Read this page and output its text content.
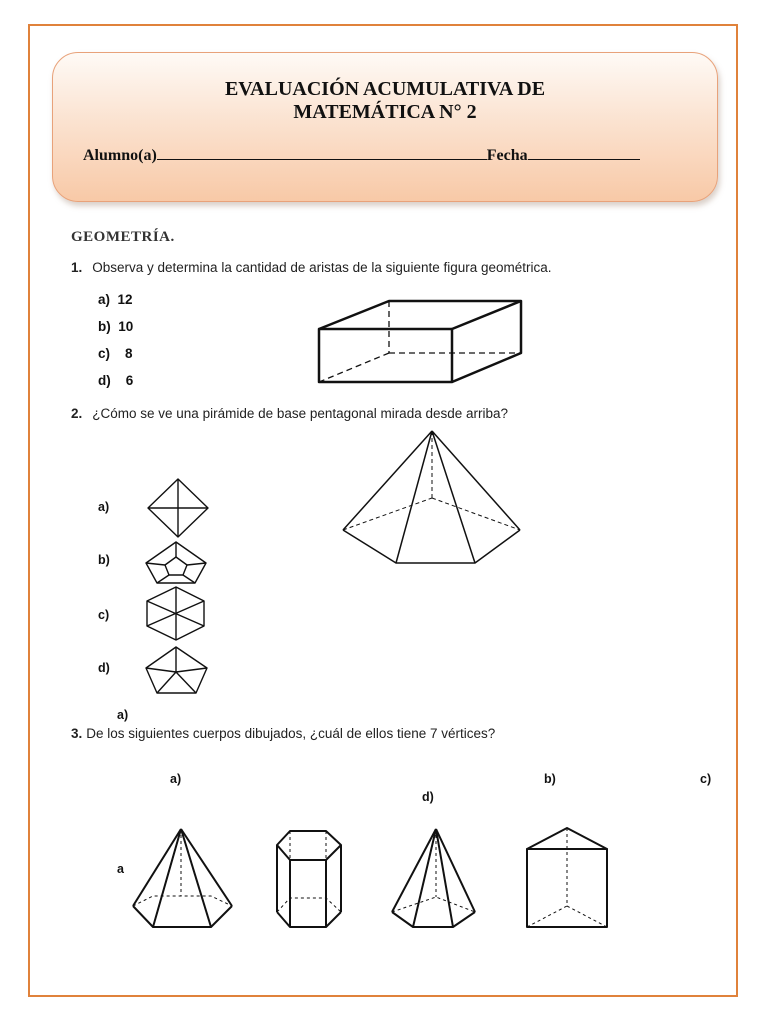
EVALUACIÓN ACUMULATIVA DE
MATEMÁTICA N° 2
Alumno(a)	Fecha
GEOMETRÍA.
1. Observa y determina la cantidad de aristas de la siguiente figura geométrica.
a) 12
b) 10
c) 8
d) 6
2. ¿Cómo se ve una pirámide de base pentagonal mirada desde arriba?
a)
b)
c)
d)
a)
3. De los siguientes cuerpos dibujados, ¿cuál de ellos tiene 7 vértices?
a)	b)	c)
d)
a
